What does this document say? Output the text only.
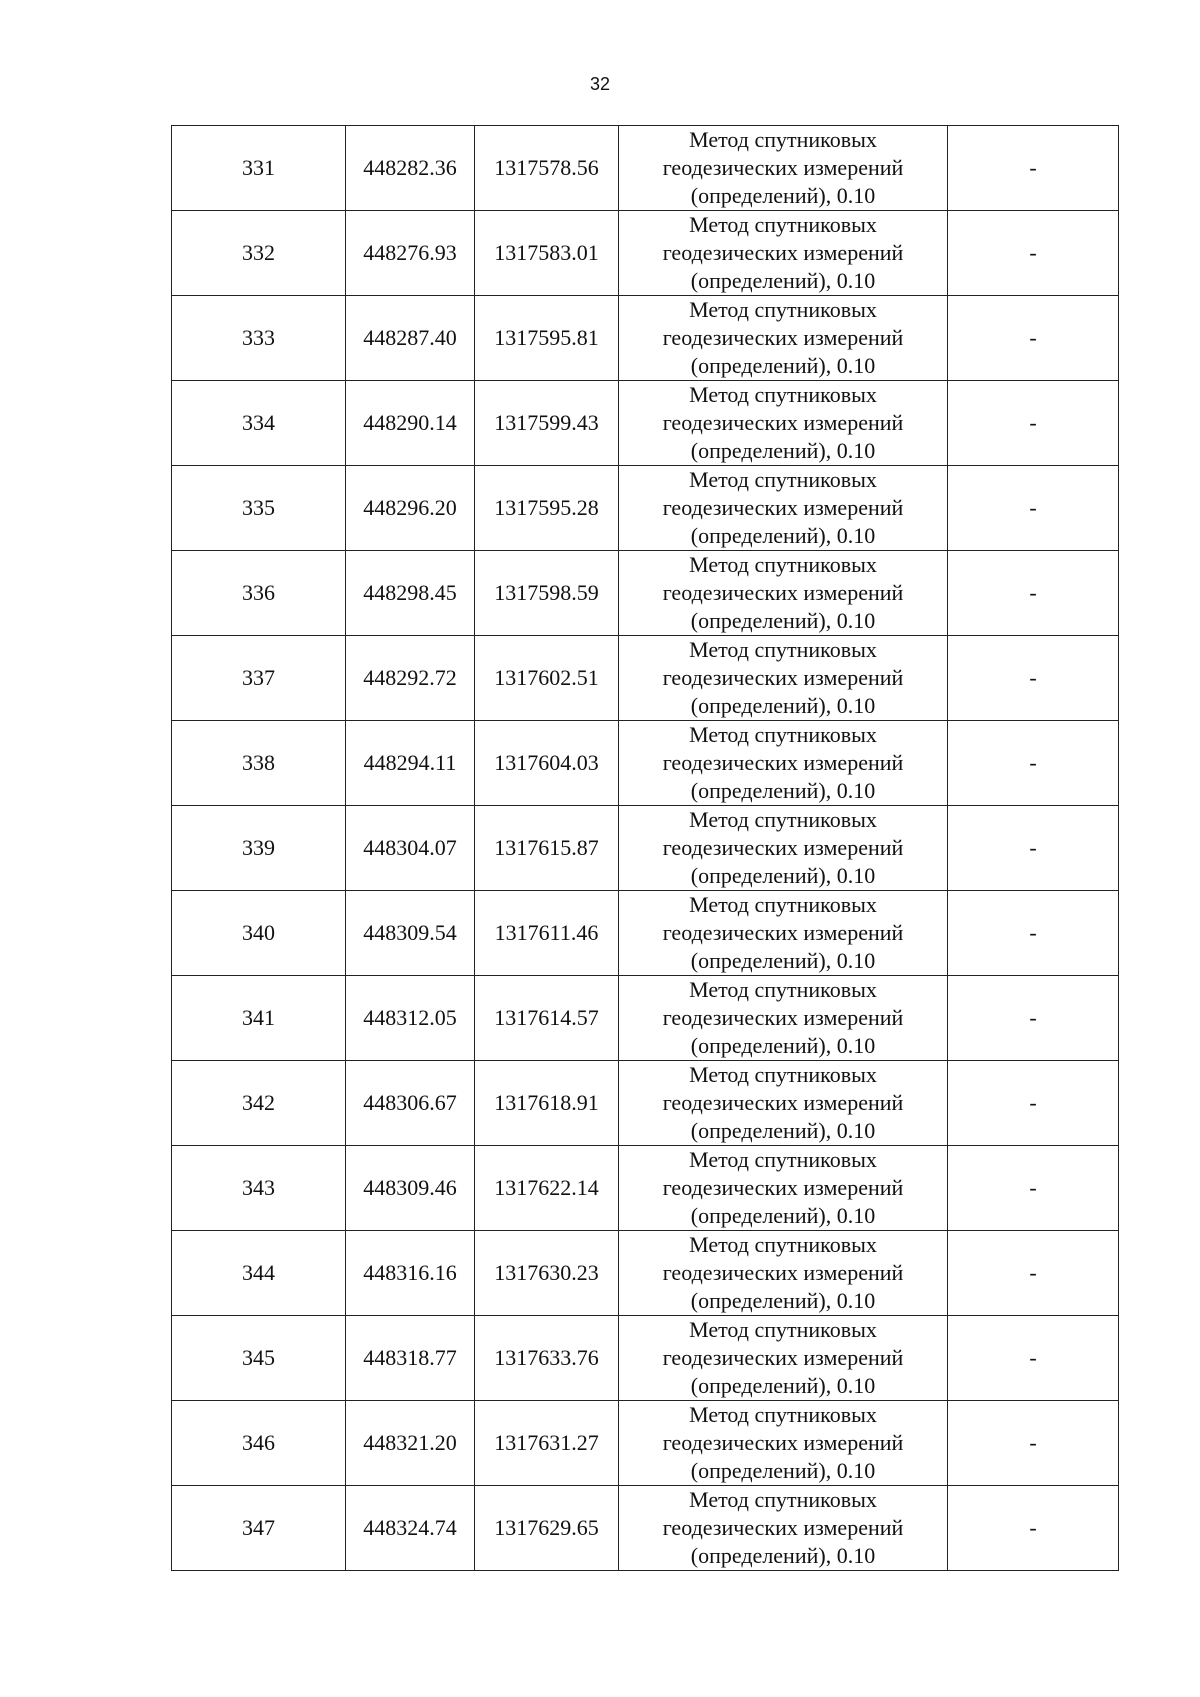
32
331	448282.36	1317578.56	Метод спутниковых
геодезических измерений
(определений), 0.10	-
332	448276.93	1317583.01	Метод спутниковых
геодезических измерений
(определений), 0.10	-
333	448287.40	1317595.81	Метод спутниковых
геодезических измерений
(определений), 0.10	-
334	448290.14	1317599.43	Метод спутниковых
геодезических измерений
(определений), 0.10	-
335	448296.20	1317595.28	Метод спутниковых
геодезических измерений
(определений), 0.10	-
336	448298.45	1317598.59	Метод спутниковых
геодезических измерений
(определений), 0.10	-
337	448292.72	1317602.51	Метод спутниковых
геодезических измерений
(определений), 0.10	-
338	448294.11	1317604.03	Метод спутниковых
геодезических измерений
(определений), 0.10	-
339	448304.07	1317615.87	Метод спутниковых
геодезических измерений
(определений), 0.10	-
340	448309.54	1317611.46	Метод спутниковых
геодезических измерений
(определений), 0.10	-
341	448312.05	1317614.57	Метод спутниковых
геодезических измерений
(определений), 0.10	-
342	448306.67	1317618.91	Метод спутниковых
геодезических измерений
(определений), 0.10	-
343	448309.46	1317622.14	Метод спутниковых
геодезических измерений
(определений), 0.10	-
344	448316.16	1317630.23	Метод спутниковых
геодезических измерений
(определений), 0.10	-
345	448318.77	1317633.76	Метод спутниковых
геодезических измерений
(определений), 0.10	-
346	448321.20	1317631.27	Метод спутниковых
геодезических измерений
(определений), 0.10	-
347	448324.74	1317629.65	Метод спутниковых
геодезических измерений
(определений), 0.10	-
